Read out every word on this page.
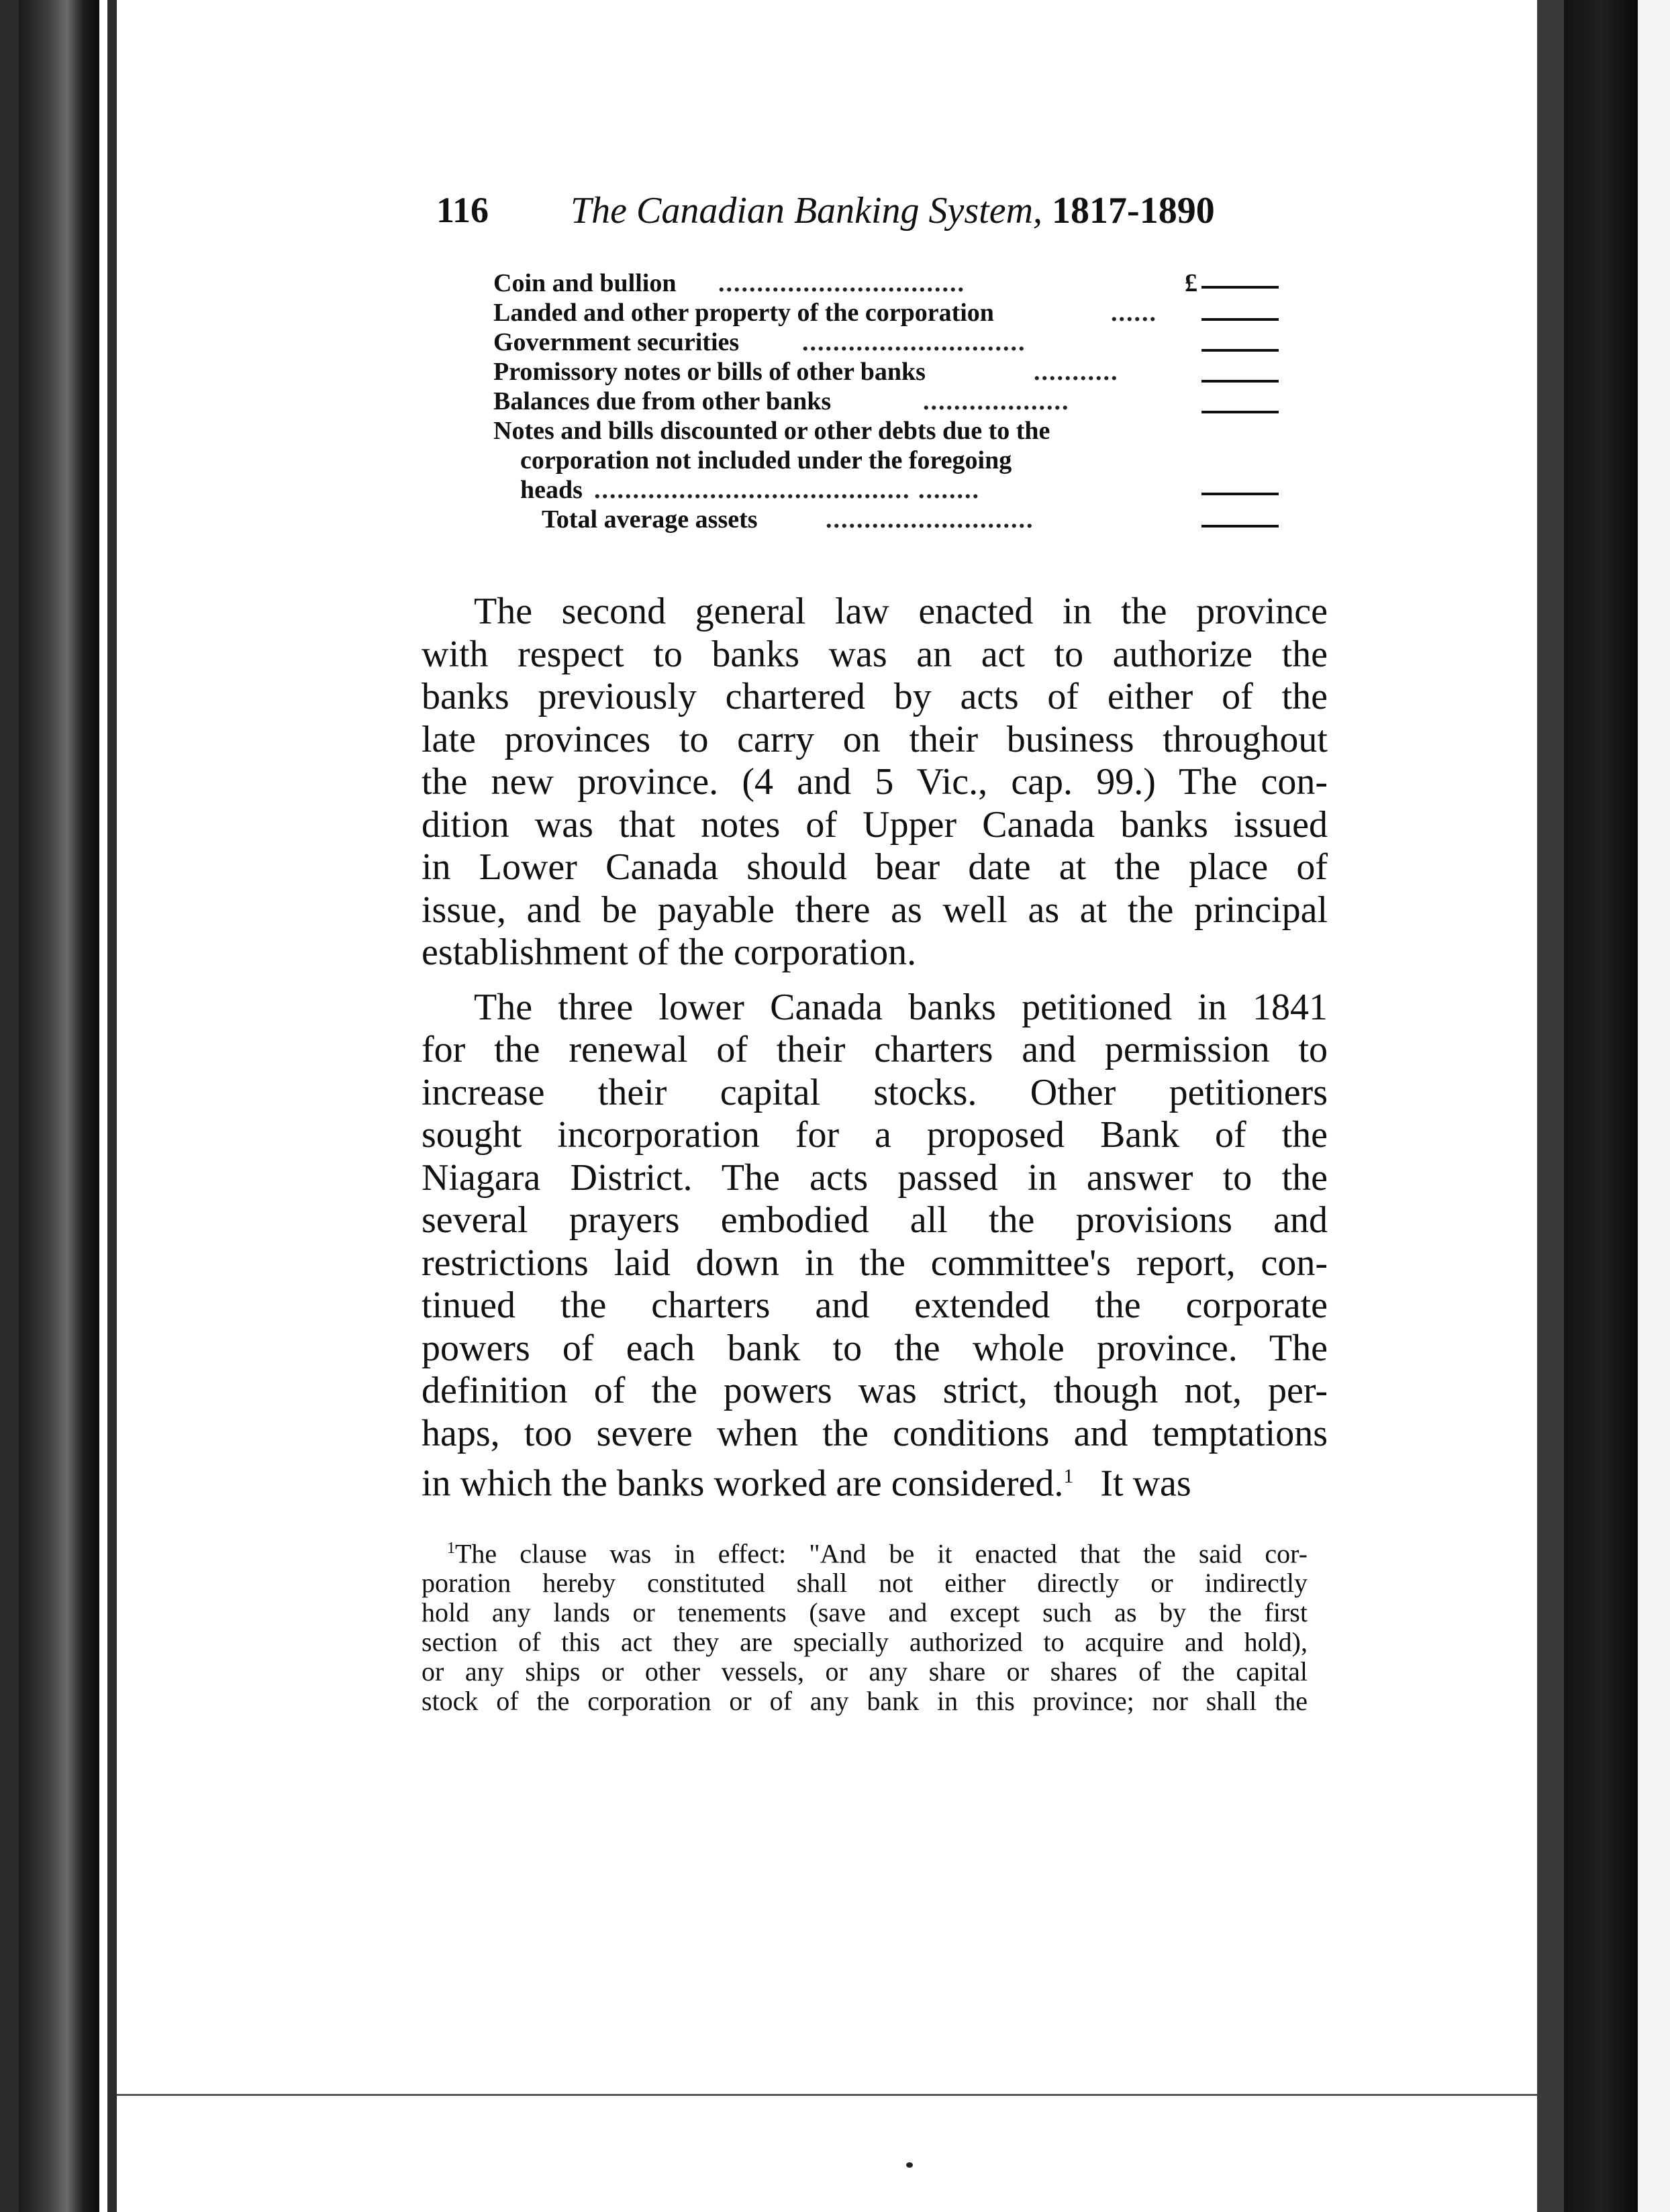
116 The Canadian Banking System, 1817-1890
Coin and bullion ................................	£
Landed and other property of the corporation	......
Government securities .............................
Promissory notes or bills of other banks	...........
Balances due from other banks	...................
Notes and bills discounted or other debts due to the
corporation not included under the foregoing
heads ......................................... ........
Total average assets	...........................

The second general law enacted in the province
with respect to banks was an act to authorize the
banks previously chartered by acts of either of the
late provinces to carry on their business throughout
the new province. (4 and 5 Vic., cap. 99.) The con-
dition was that notes of Upper Canada banks issued
in Lower Canada should bear date at the place of
issue, and be payable there as well as at the principal
establishment of the corporation.

The three lower Canada banks petitioned in 1841
for the renewal of their charters and permission to
increase their capital stocks. Other petitioners
sought incorporation for a proposed Bank of the
Niagara District. The acts passed in answer to the
several prayers embodied all the provisions and
restrictions laid down in the committee's report, con-
tinued the charters and extended the corporate
powers of each bank to the whole province. The
definition of the powers was strict, though not, per-
haps, too severe when the conditions and temptations
in which the banks worked are considered.$^1$ It was

$^1$The clause was in effect: "And be it enacted that the said cor-
poration hereby constituted shall not either directly or indirectly
hold any lands or tenements (save and except such as by the first
section of this act they are specially authorized to acquire and hold),
or any ships or other vessels, or any share or shares of the capital
stock of the corporation or of any bank in this province; nor shall the
